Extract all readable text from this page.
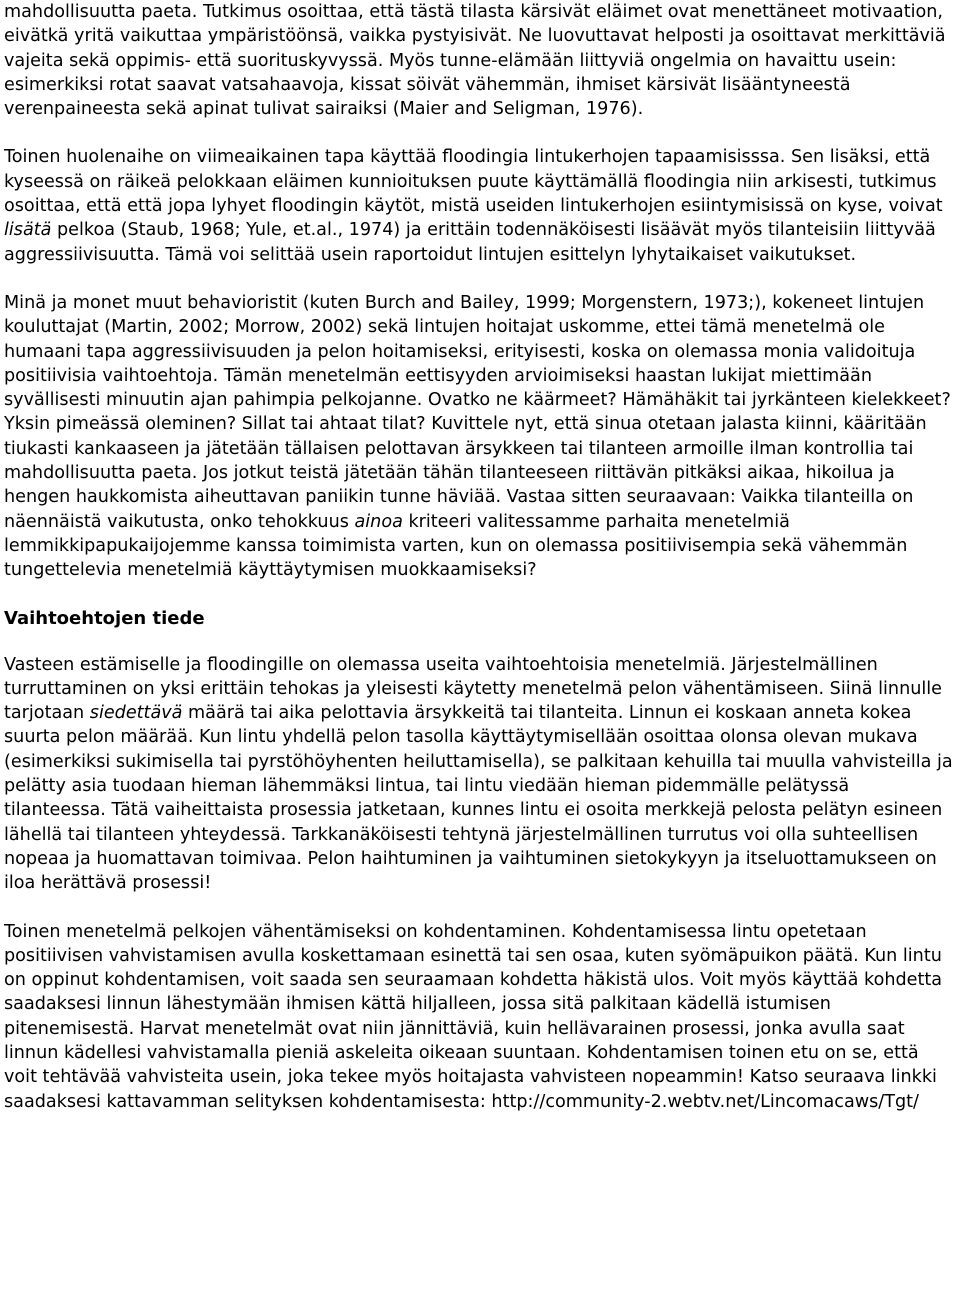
mahdollisuutta paeta. Tutkimus osoittaa, että tästä tilasta kärsivät eläimet ovat menettäneet motivaation, eivätkä yritä vaikuttaa ympäristöönsä, vaikka pystyisivät. Ne luovuttavat helposti ja osoittavat merkittäviä vajeita sekä oppimis- että suorituskyvyssä. Myös tunne-elämään liittyviä ongelmia on havaittu usein: esimerkiksi rotat saavat vatsahaavoja, kissat söivät vähemmän, ihmiset kärsivät lisääntyneestä verenpaineesta sekä apinat tulivat sairaiksi (Maier and Seligman, 1976).

Toinen huolenaihe on viimeaikainen tapa käyttää floodingia lintukerhojen tapaamisisssa. Sen lisäksi, että kyseessä on räikeä pelokkaan eläimen kunnioituksen puute käyttämällä floodingia niin arkisesti, tutkimus osoittaa, että että jopa lyhyet floodingin käytöt, mistä useiden lintukerhojen esiintymisissä on kyse, voivat lisätä pelkoa (Staub, 1968; Yule, et.al., 1974) ja erittäin todennäköisesti lisäävät myös tilanteisiin liittyvää aggressiivisuutta. Tämä voi selittää usein raportoidut lintujen esittelyn lyhytaikaiset vaikutukset.

Minä ja monet muut behavioristit (kuten Burch and Bailey, 1999; Morgenstern, 1973;), kokeneet lintujen kouluttajat (Martin, 2002; Morrow, 2002) sekä lintujen hoitajat uskomme, ettei tämä menetelmä ole humaani tapa aggressiivisuuden ja pelon hoitamiseksi, erityisesti, koska on olemassa monia validoituja positiivisia vaihtoehtoja. Tämän menetelmän eettisyyden arvioimiseksi haastan lukijat miettimään syvällisesti minuutin ajan pahimpia pelkojanne. Ovatko ne käärmeet? Hämähäkit tai jyrkänteen kielekkeet? Yksin pimeässä oleminen? Sillat tai ahtaat tilat? Kuvittele nyt, että sinua otetaan jalasta kiinni, kääritään tiukasti kankaaseen ja jätetään tällaisen pelottavan ärsykkeen tai tilanteen armoille ilman kontrollia tai mahdollisuutta paeta. Jos jotkut teistä jätetään tähän tilanteeseen riittävän pitkäksi aikaa, hikoilua ja hengen haukkomista aiheuttavan paniikin tunne häviää. Vastaa sitten seuraavaan: Vaikka tilanteilla on näennäistä vaikutusta, onko tehokkuus ainoa kriteeri valitessamme parhaita menetelmiä lemmikkipapukaijojemme kanssa toimimista varten, kun on olemassa positiivisempia sekä vähemmän tungettelevia menetelmiä käyttäytymisen muokkaamiseksi?

Vaihtoehtojen tiede

Vasteen estämiselle ja floodingille on olemassa useita vaihtoehtoisia menetelmiä. Järjestelmällinen turruttaminen on yksi erittäin tehokas ja yleisesti käytetty menetelmä pelon vähentämiseen. Siinä linnulle tarjotaan siedettävä määrä tai aika pelottavia ärsykkeitä tai tilanteita. Linnun ei koskaan anneta kokea suurta pelon määrää. Kun lintu yhdellä pelon tasolla käyttäytymisellään osoittaa olonsa olevan mukava (esimerkiksi sukimisella tai pyrstöhöyhenten heiluttamisella), se palkitaan kehuilla tai muulla vahvisteilla ja pelätty asia tuodaan hieman lähemmäksi lintua, tai lintu viedään hieman pidemmälle pelätyssä tilanteessa. Tätä vaiheittaista prosessia jatketaan, kunnes lintu ei osoita merkkejä pelosta pelätyn esineen lähellä tai tilanteen yhteydessä. Tarkkanäköisesti tehtynä järjestelmällinen turrutus voi olla suhteellisen nopeaa ja huomattavan toimivaa. Pelon haihtuminen ja vaihtuminen sietokykyyn ja itseluottamukseen on iloa herättävä prosessi!

Toinen menetelmä pelkojen vähentämiseksi on kohdentaminen. Kohdentamisessa lintu opetetaan positiivisen vahvistamisen avulla koskettamaan esinettä tai sen osaa, kuten syömäpuikon päätä. Kun lintu on oppinut kohdentamisen, voit saada sen seuraamaan kohdetta häkistä ulos. Voit myös käyttää kohdetta saadaksesi linnun lähestymään ihmisen kättä hiljalleen, jossa sitä palkitaan kädellä istumisen pitenemisestä. Harvat menetelmät ovat niin jännittäviä, kuin hellävarainen prosessi, jonka avulla saat linnun kädellesi vahvistamalla pieniä askeleita oikeaan suuntaan. Kohdentamisen toinen etu on se, että voit tehtävää vahvisteita usein, joka tekee myös hoitajasta vahvisteen nopeammin! Katso seuraava linkki saadaksesi kattavamman selityksen kohdentamisesta: http://community-2.webtv.net/Lincomacaws/Tgt/
